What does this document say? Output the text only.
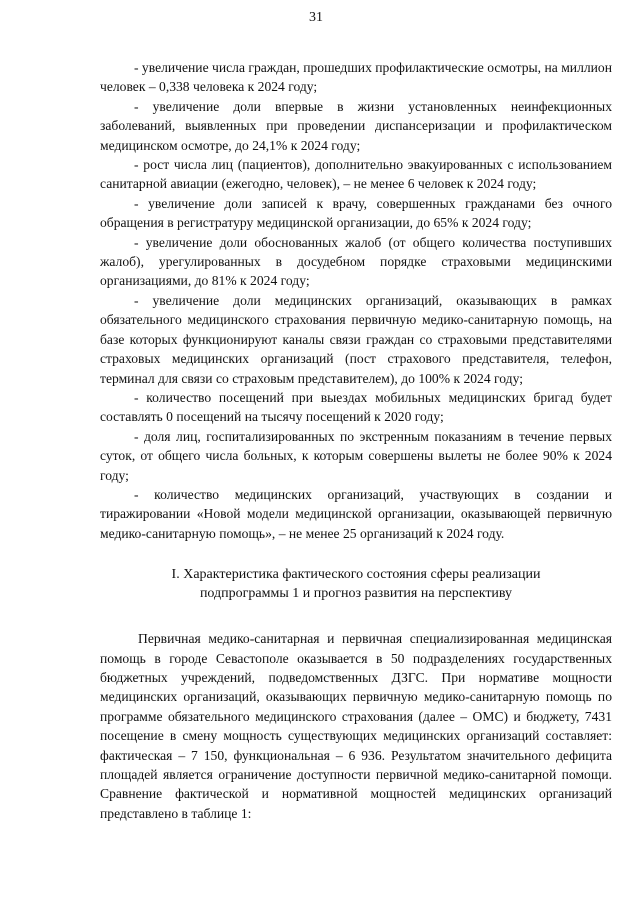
31

- увеличение числа граждан, прошедших профилактические осмотры, на миллион человек – 0,338 человека к 2024 году;

- увеличение доли впервые в жизни установленных неинфекционных заболеваний, выявленных при проведении диспансеризации и профилактическом медицинском осмотре, до 24,1% к 2024 году;

- рост числа лиц (пациентов), дополнительно эвакуированных с использованием санитарной авиации (ежегодно, человек), – не менее 6 человек к 2024 году;

- увеличение доли записей к врачу, совершенных гражданами без очного обращения в регистратуру медицинской организации, до 65% к 2024 году;

- увеличение доли обоснованных жалоб (от общего количества поступивших жалоб), урегулированных в досудебном порядке страховыми медицинскими организациями, до 81% к 2024 году;

- увеличение доли медицинских организаций, оказывающих в рамках обязательного медицинского страхования первичную медико-санитарную помощь, на базе которых функционируют каналы связи граждан со страховыми представителями страховых медицинских организаций (пост страхового представителя, телефон, терминал для связи со страховым представителем), до 100% к 2024 году;

- количество посещений при выездах мобильных медицинских бригад будет составлять 0 посещений на тысячу посещений к 2020 году;

- доля лиц, госпитализированных по экстренным показаниям в течение первых суток, от общего числа больных, к которым совершены вылеты не более 90% к 2024 году;

- количество медицинских организаций, участвующих в создании и тиражировании «Новой модели медицинской организации, оказывающей первичную медико-санитарную помощь», – не менее 25 организаций к 2024 году.

I. Характеристика фактического состояния сферы реализации
подпрограммы 1 и прогноз развития на перспективу

Первичная медико-санитарная и первичная специализированная медицинская помощь в городе Севастополе оказывается в 50 подразделениях государственных бюджетных учреждений, подведомственных ДЗГС. При нормативе мощности медицинских организаций, оказывающих первичную медико-санитарную помощь по программе обязательного медицинского страхования (далее – ОМС) и бюджету, 7431 посещение в смену мощность существующих медицинских организаций составляет: фактическая – 7 150, функциональная – 6 936. Результатом значительного дефицита площадей является ограничение доступности первичной медико-санитарной помощи. Сравнение фактической и нормативной мощностей медицинских организаций представлено в таблице 1:
